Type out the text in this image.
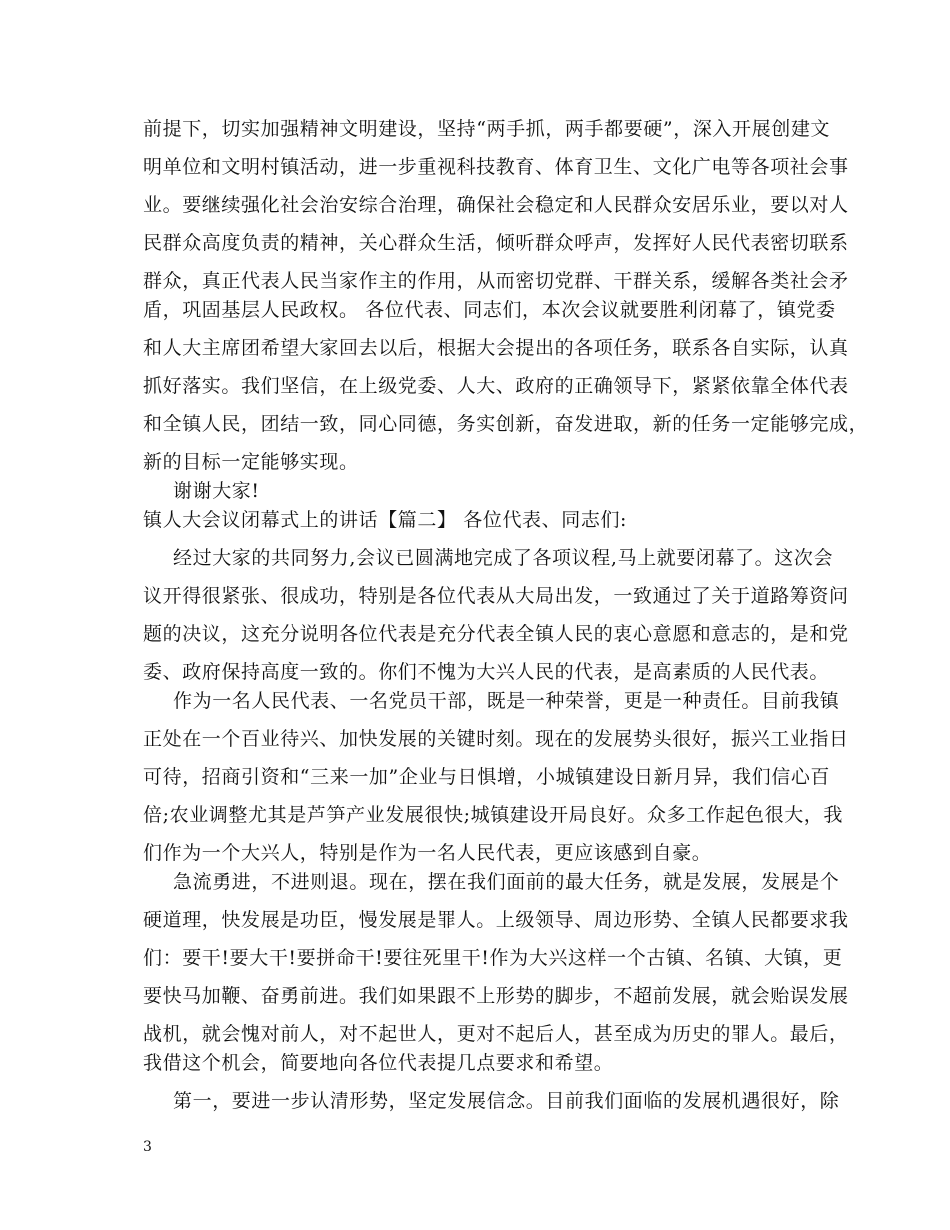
前提下，切实加强精神文明建设，坚持“两手抓，两手都要硬”，深入开展创建文
明单位和文明村镇活动，进一步重视科技教育、体育卫生、文化广电等各项社会事
业。要继续强化社会治安综合治理，确保社会稳定和人民群众安居乐业，要以对人
民群众高度负责的精神，关心群众生活，倾听群众呼声，发挥好人民代表密切联系
群众，真正代表人民当家作主的作用，从而密切党群、干群关系，缓解各类社会矛
盾，巩固基层人民政权。 各位代表、同志们，本次会议就要胜利闭幕了，镇党委
和人大主席团希望大家回去以后，根据大会提出的各项任务，联系各自实际，认真
抓好落实。我们坚信，在上级党委、人大、政府的正确领导下，紧紧依靠全体代表
和全镇人民，团结一致，同心同德，务实创新，奋发进取，新的任务一定能够完成，
新的目标一定能够实现。
谢谢大家!
镇人大会议闭幕式上的讲话【篇二】 各位代表、同志们:
经过大家的共同努力,会议已圆满地完成了各项议程,马上就要闭幕了。这次会
议开得很紧张、很成功，特别是各位代表从大局出发，一致通过了关于道路筹资问
题的决议，这充分说明各位代表是充分代表全镇人民的衷心意愿和意志的，是和党
委、政府保持高度一致的。你们不愧为大兴人民的代表，是高素质的人民代表。
作为一名人民代表、一名党员干部，既是一种荣誉，更是一种责任。目前我镇
正处在一个百业待兴、加快发展的关键时刻。现在的发展势头很好，振兴工业指日
可待，招商引资和“三来一加”企业与日惧增，小城镇建设日新月异，我们信心百
倍;农业调整尤其是芦笋产业发展很快;城镇建设开局良好。众多工作起色很大，我
们作为一个大兴人，特别是作为一名人民代表，更应该感到自豪。
急流勇进，不进则退。现在，摆在我们面前的最大任务，就是发展，发展是个
硬道理，快发展是功臣，慢发展是罪人。上级领导、周边形势、全镇人民都要求我
们：要干!要大干!要拼命干!要往死里干!作为大兴这样一个古镇、名镇、大镇，更
要快马加鞭、奋勇前进。我们如果跟不上形势的脚步，不超前发展，就会贻误发展
战机，就会愧对前人，对不起世人，更对不起后人，甚至成为历史的罪人。最后，
我借这个机会，简要地向各位代表提几点要求和希望。
第一，要进一步认清形势，坚定发展信念。目前我们面临的发展机遇很好，除
3
